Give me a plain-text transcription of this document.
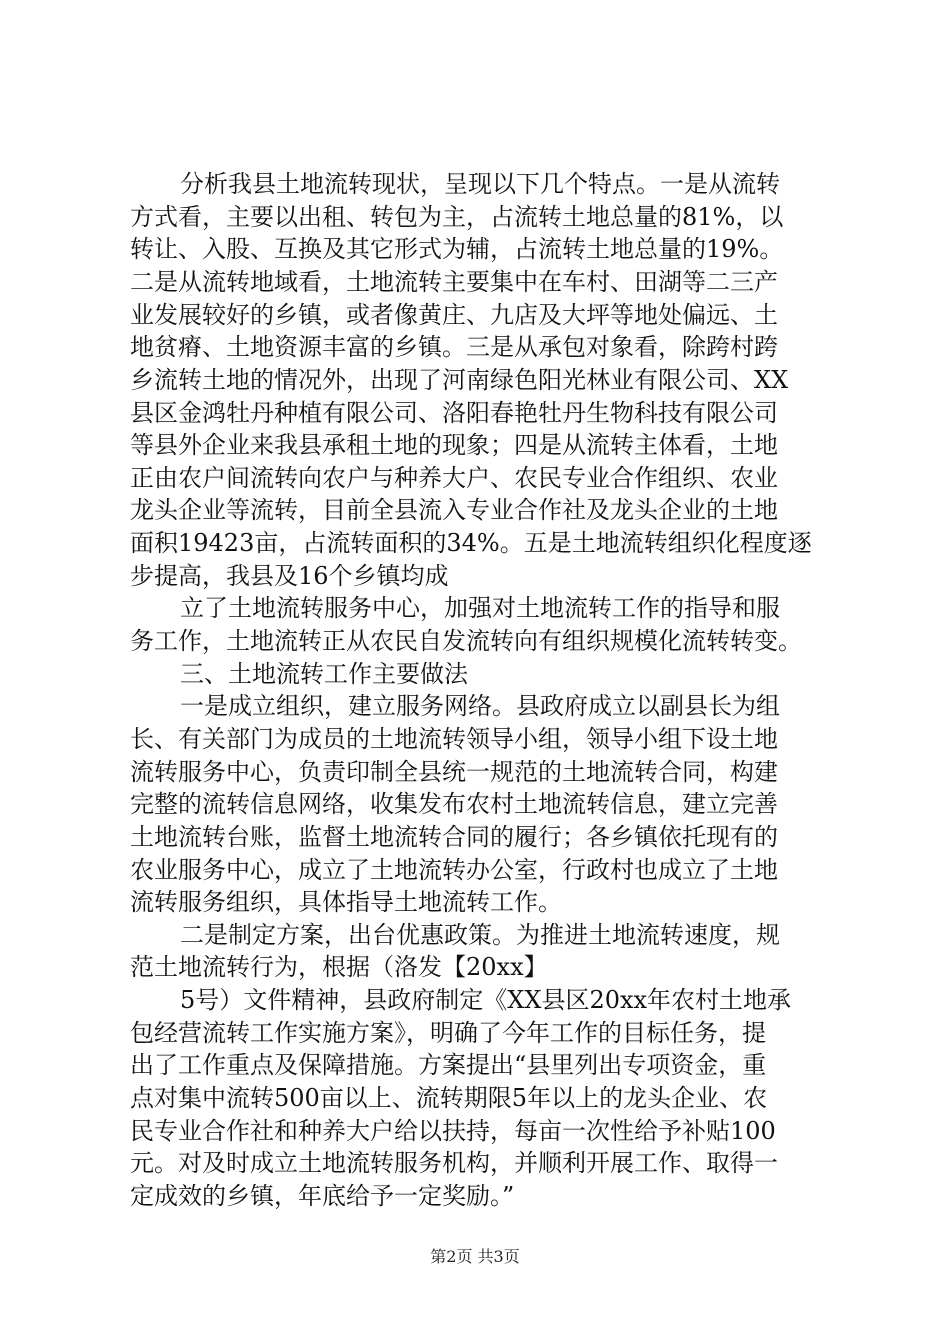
分析我县土地流转现状，呈现以下几个特点。一是从流转
方式看，主要以出租、转包为主，占流转土地总量的81%，以
转让、入股、互换及其它形式为辅，占流转土地总量的19%。
二是从流转地域看，土地流转主要集中在车村、田湖等二三产
业发展较好的乡镇，或者像黄庄、九店及大坪等地处偏远、土
地贫瘠、土地资源丰富的乡镇。三是从承包对象看，除跨村跨
乡流转土地的情况外，出现了河南绿色阳光林业有限公司、XX
县区金鸿牡丹种植有限公司、洛阳春艳牡丹生物科技有限公司
等县外企业来我县承租土地的现象；四是从流转主体看，土地
正由农户间流转向农户与种养大户、农民专业合作组织、农业
龙头企业等流转，目前全县流入专业合作社及龙头企业的土地
面积19423亩，占流转面积的34%。五是土地流转组织化程度逐
步提高，我县及16个乡镇均成
立了土地流转服务中心，加强对土地流转工作的指导和服
务工作，土地流转正从农民自发流转向有组织规模化流转转变。
三、土地流转工作主要做法
一是成立组织，建立服务网络。县政府成立以副县长为组
长、有关部门为成员的土地流转领导小组，领导小组下设土地
流转服务中心，负责印制全县统一规范的土地流转合同，构建
完整的流转信息网络，收集发布农村土地流转信息，建立完善
土地流转台账，监督土地流转合同的履行；各乡镇依托现有的
农业服务中心，成立了土地流转办公室，行政村也成立了土地
流转服务组织，具体指导土地流转工作。
二是制定方案，出台优惠政策。为推进土地流转速度，规
范土地流转行为，根据（洛发【20xx】
5号）文件精神，县政府制定《XX县区20xx年农村土地承
包经营流转工作实施方案》，明确了今年工作的目标任务，提
出了工作重点及保障措施。方案提出“县里列出专项资金，重
点对集中流转500亩以上、流转期限5年以上的龙头企业、农
民专业合作社和种养大户给以扶持，每亩一次性给予补贴100
元。对及时成立土地流转服务机构，并顺利开展工作、取得一
定成效的乡镇，年底给予一定奖励。”
第2页 共3页
